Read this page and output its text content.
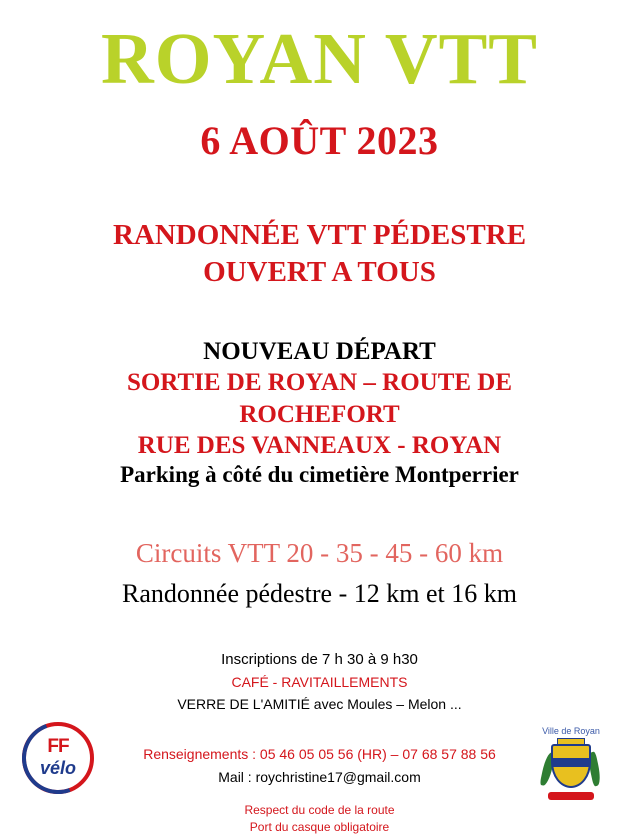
ROYAN VTT
6 AOÛT 2023
RANDONNÉE VTT PÉDESTRE
OUVERT A TOUS
NOUVEAU DÉPART
SORTIE DE ROYAN – ROUTE DE
ROCHEFORT
RUE DES VANNEAUX - ROYAN
Parking à côté du cimetière Montperrier
Circuits VTT 20 - 35 - 45 - 60 km
Randonnée pédestre - 12 km et 16 km
Inscriptions de 7 h 30 à 9 h30
CAFÉ - RAVITAILLEMENTS
VERRE DE L'AMITIÉ avec Moules – Melon ...
Renseignements : 05 46 05 05 56 (HR) – 07 68 57 88 56
Mail : roychristine17@gmail.com
Respect du code de la route
Port du casque obligatoire
FF
vélo
Ville de Royan
